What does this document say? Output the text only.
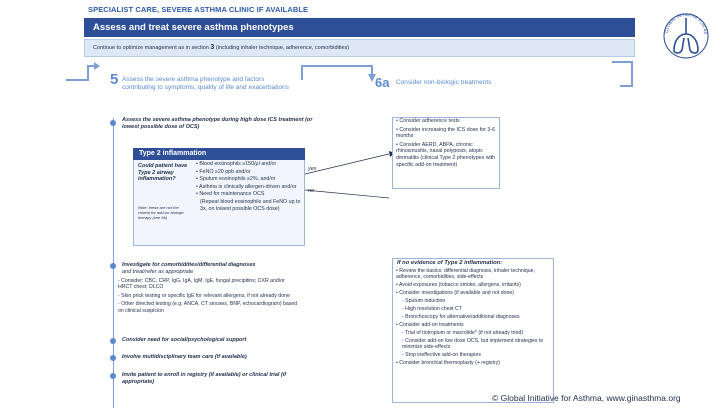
SPECIALIST CARE, SEVERE ASTHMA CLINIC IF AVAILABLE
Assess and treat severe asthma phenotypes
Continue to optimize management as in section 3 (including inhaler technique, adherence, comorbidities)
5 Assess the severe asthma phenotype and factors contributing to symptoms, quality of life and exacerbations	6a Consider non-biologic treatments
Assess the severe asthma phenotype during high dose ICS treatment (or lowest possible dose of OCS)
Type 2 inflammation
Could patient have Type 2 airway inflammation?
Note: these are not the criteria for add-on biologic therapy (see 6b)
• Blood eosinophils ≥150/μl and/or
• FeNO ≥20 ppb and/or
• Sputum eosinophils ≥2%, and/or
• Asthma is clinically allergen-driven and/or
• Need for maintenance OCS
(Repeat blood eosinophils and FeNO up to 3x, on lowest possible OCS dose)
yes
no
• Consider adherence tests
• Consider increasing the ICS dose for 3-6 months
• Consider AERD, ABPA, chronic rhinosinusitis, nasal polyposis, atopic dermatitis (clinical Type 2 phenotypes with specific add-on treatment)
Investigate for comorbidities/differential diagnoses
and treat/refer as appropriate
- Consider: CBC, CRP, IgG, IgA, IgM, IgE, fungal precipitins; CXR and/or HRCT chest; DLCO
- Skin prick testing or specific IgE for relevant allergens, if not already done
- Other directed testing (e.g. ANCA, CT sinuses, BNP, echocardiogram) based on clinical suspicion
Consider need for social/psychological support
Involve multidisciplinary team care (if available)
Invite patient to enroll in registry (if available) or clinical trial (if appropriate)
If no evidence of Type 2 inflammation:
• Review the basics: differential diagnosis, inhaler technique, adherence, comorbidities, side-effects
• Avoid exposures (tobacco smoke, allergens, irritants)
• Consider investigations (if available and not done)
- Sputum induction
- High resolution chest CT
- Bronchoscopy for alternative/additional diagnoses
• Consider add-on treatments
- Trial of tiotropium or macrolide* (if not already tried)
- Consider add-on low dose OCS, but implement strategies to minimize side-effects
- Stop ineffective add-on therapies
• Consider bronchial thermoplasty (+ registry)
GLOBAL INITIATIVE FOR AS
© Global Initiative for Asthma, www.ginasthma.org
